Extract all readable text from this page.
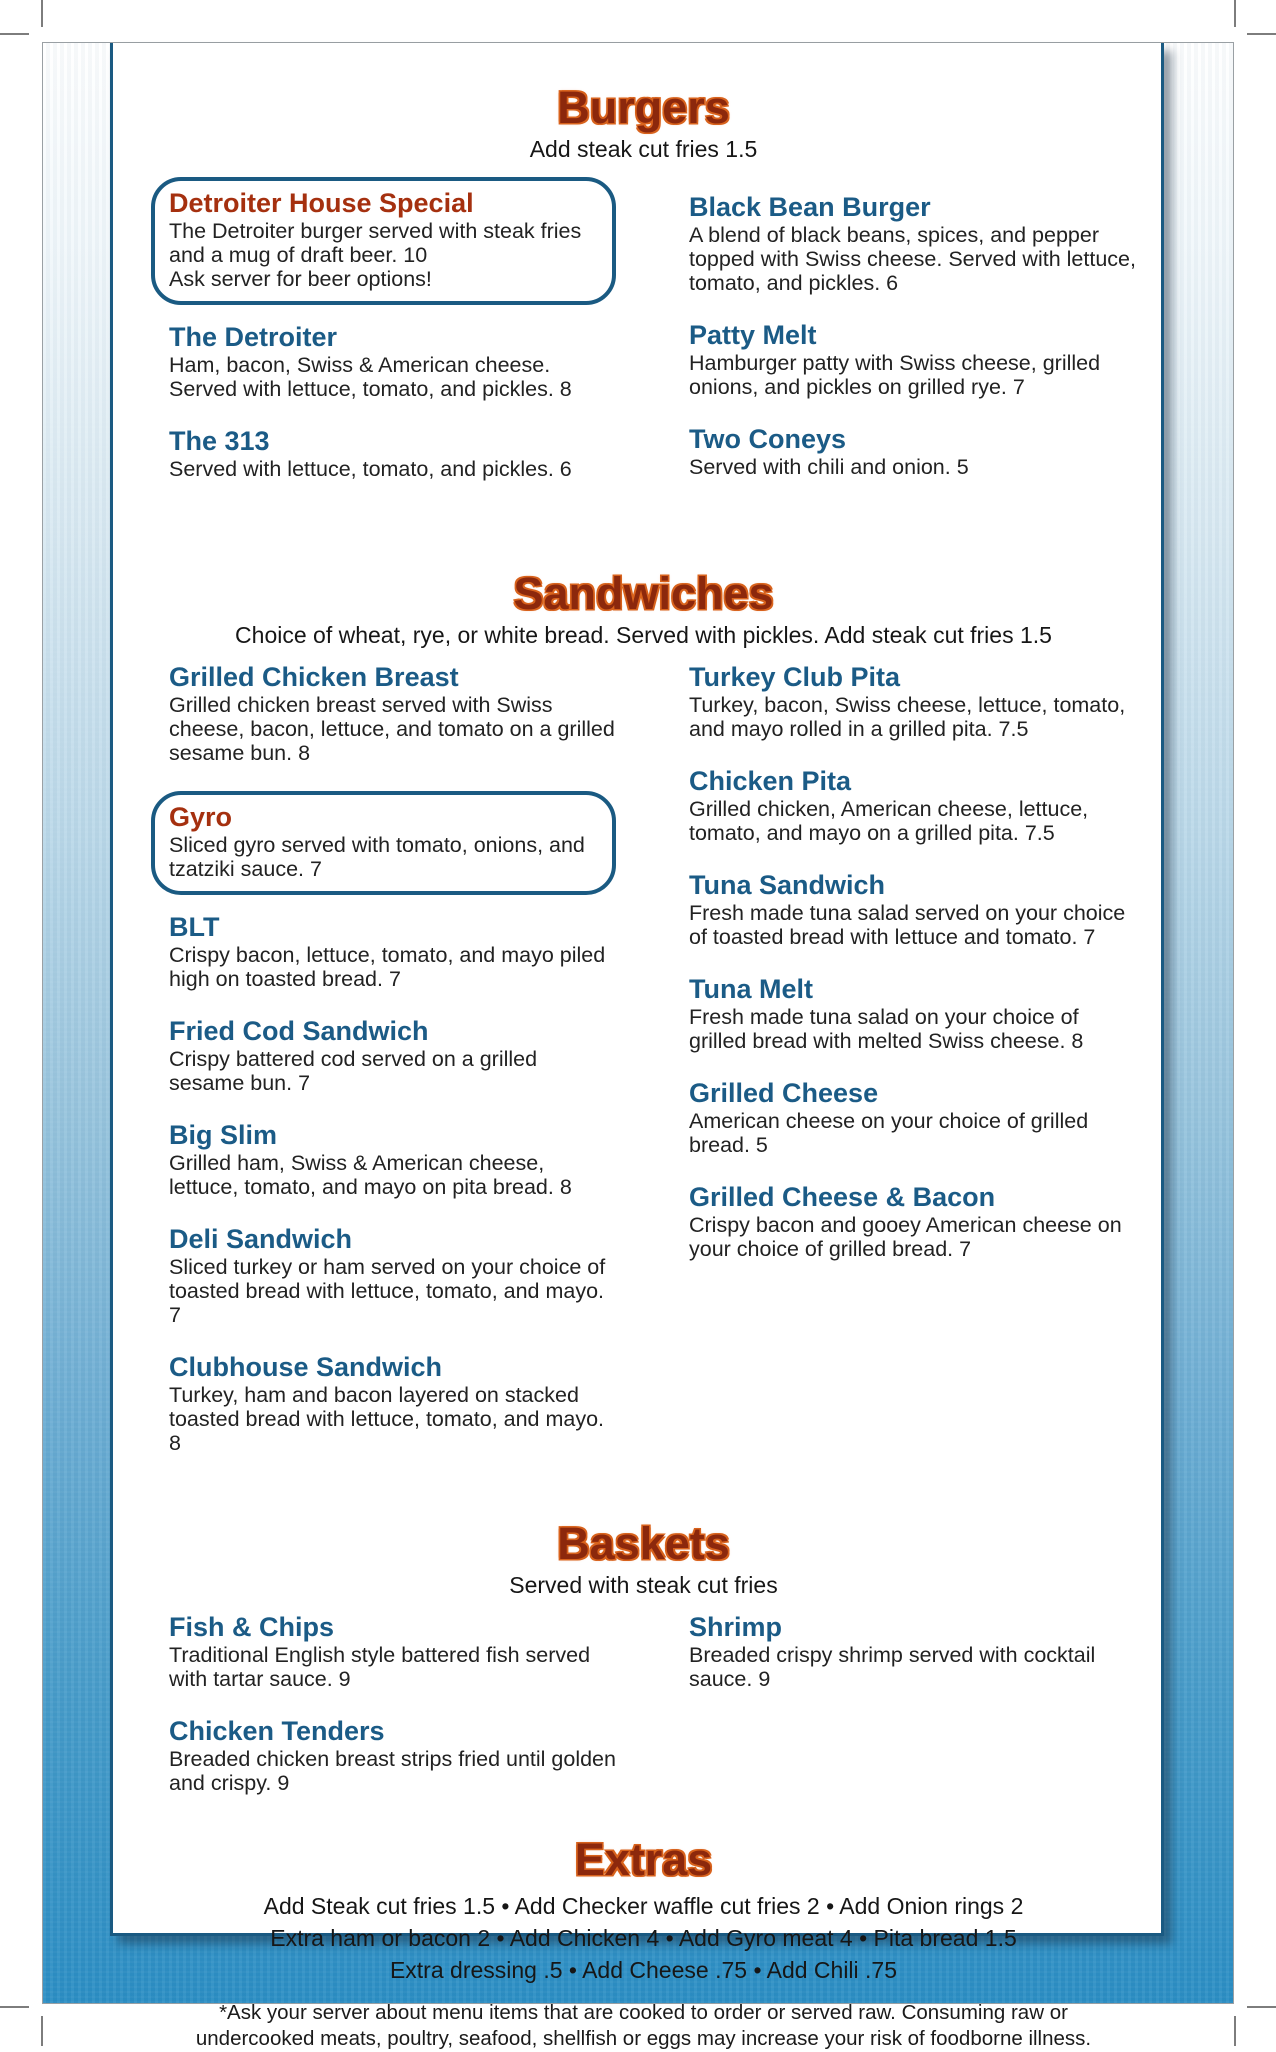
Burgers

Add steak cut fries 1.5

Detroiter House Special

The Detroiter burger served with steak fries and a mug of draft beer. 10

Ask server for beer options!

The Detroiter

Ham, bacon, Swiss & American cheese. Served with lettuce, tomato, and pickles. 8

The 313

Served with lettuce, tomato, and pickles. 6

Black Bean Burger

A blend of black beans, spices, and pepper topped with Swiss cheese. Served with lettuce, tomato, and pickles. 6

Patty Melt

Hamburger patty with Swiss cheese, grilled onions, and pickles on grilled rye. 7

Two Coneys

Served with chili and onion. 5

Sandwiches

Choice of wheat, rye, or white bread. Served with pickles. Add steak cut fries 1.5

Grilled Chicken Breast

Grilled chicken breast served with Swiss cheese, bacon, lettuce, and tomato on a grilled sesame bun. 8

Gyro

Sliced gyro served with tomato, onions, and tzatziki sauce. 7

BLT

Crispy bacon, lettuce, tomato, and mayo piled high on toasted bread. 7

Fried Cod Sandwich

Crispy battered cod served on a grilled sesame bun. 7

Big Slim

Grilled ham, Swiss & American cheese, lettuce, tomato, and mayo on pita bread. 8

Deli Sandwich

Sliced turkey or ham served on your choice of toasted bread with lettuce, tomato, and mayo. 7

Clubhouse Sandwich

Turkey, ham and bacon layered on stacked toasted bread with lettuce, tomato, and mayo. 8

Turkey Club Pita

Turkey, bacon, Swiss cheese, lettuce, tomato, and mayo rolled in a grilled pita. 7.5

Chicken Pita

Grilled chicken, American cheese, lettuce, tomato, and mayo on a grilled pita. 7.5

Tuna Sandwich

Fresh made tuna salad served on your choice of toasted bread with lettuce and tomato. 7

Tuna Melt

Fresh made tuna salad on your choice of grilled bread with melted Swiss cheese. 8

Grilled Cheese

American cheese on your choice of grilled bread. 5

Grilled Cheese & Bacon

Crispy bacon and gooey American cheese on your choice of grilled bread. 7

Baskets

Served with steak cut fries

Fish & Chips

Traditional English style battered fish served with tartar sauce. 9

Chicken Tenders

Breaded chicken breast strips fried until golden and crispy. 9

Shrimp

Breaded crispy shrimp served with cocktail sauce. 9

Extras
Add Steak cut fries 1.5 • Add Checker waffle cut fries 2 • Add Onion rings 2
Extra ham or bacon 2 • Add Chicken 4 • Add Gyro meat 4 • Pita bread 1.5
Extra dressing .5 • Add Cheese .75 • Add Chili .75

*Ask your server about menu items that are cooked to order or served raw. Consuming raw or undercooked meats, poultry, seafood, shellfish or eggs may increase your risk of foodborne illness.
